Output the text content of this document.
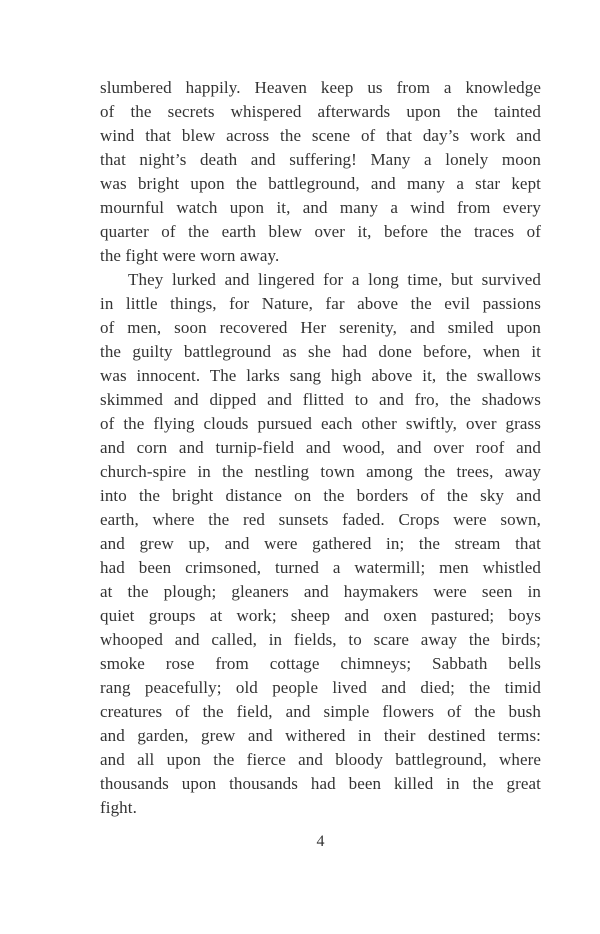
slumbered happily. Heaven keep us from a knowledge
of the secrets whispered afterwards upon the tainted
wind that blew across the scene of that day’s work and
that night’s death and suffering! Many a lonely moon
was bright upon the battleground, and many a star kept
mournful watch upon it, and many a wind from every
quarter of the earth blew over it, before the traces of
the fight were worn away.
They lurked and lingered for a long time, but survived
in little things, for Nature, far above the evil passions
of men, soon recovered Her serenity, and smiled upon
the guilty battleground as she had done before, when it
was innocent. The larks sang high above it, the swallows
skimmed and dipped and flitted to and fro, the shadows
of the flying clouds pursued each other swiftly, over grass
and corn and turnip-field and wood, and over roof and
church-spire in the nestling town among the trees, away
into the bright distance on the borders of the sky and
earth, where the red sunsets faded. Crops were sown,
and grew up, and were gathered in; the stream that
had been crimsoned, turned a watermill; men whistled
at the plough; gleaners and haymakers were seen in
quiet groups at work; sheep and oxen pastured; boys
whooped and called, in fields, to scare away the birds;
smoke rose from cottage chimneys; Sabbath bells
rang peacefully; old people lived and died; the timid
creatures of the field, and simple flowers of the bush
and garden, grew and withered in their destined terms:
and all upon the fierce and bloody battleground, where
thousands upon thousands had been killed in the great
fight.
4
